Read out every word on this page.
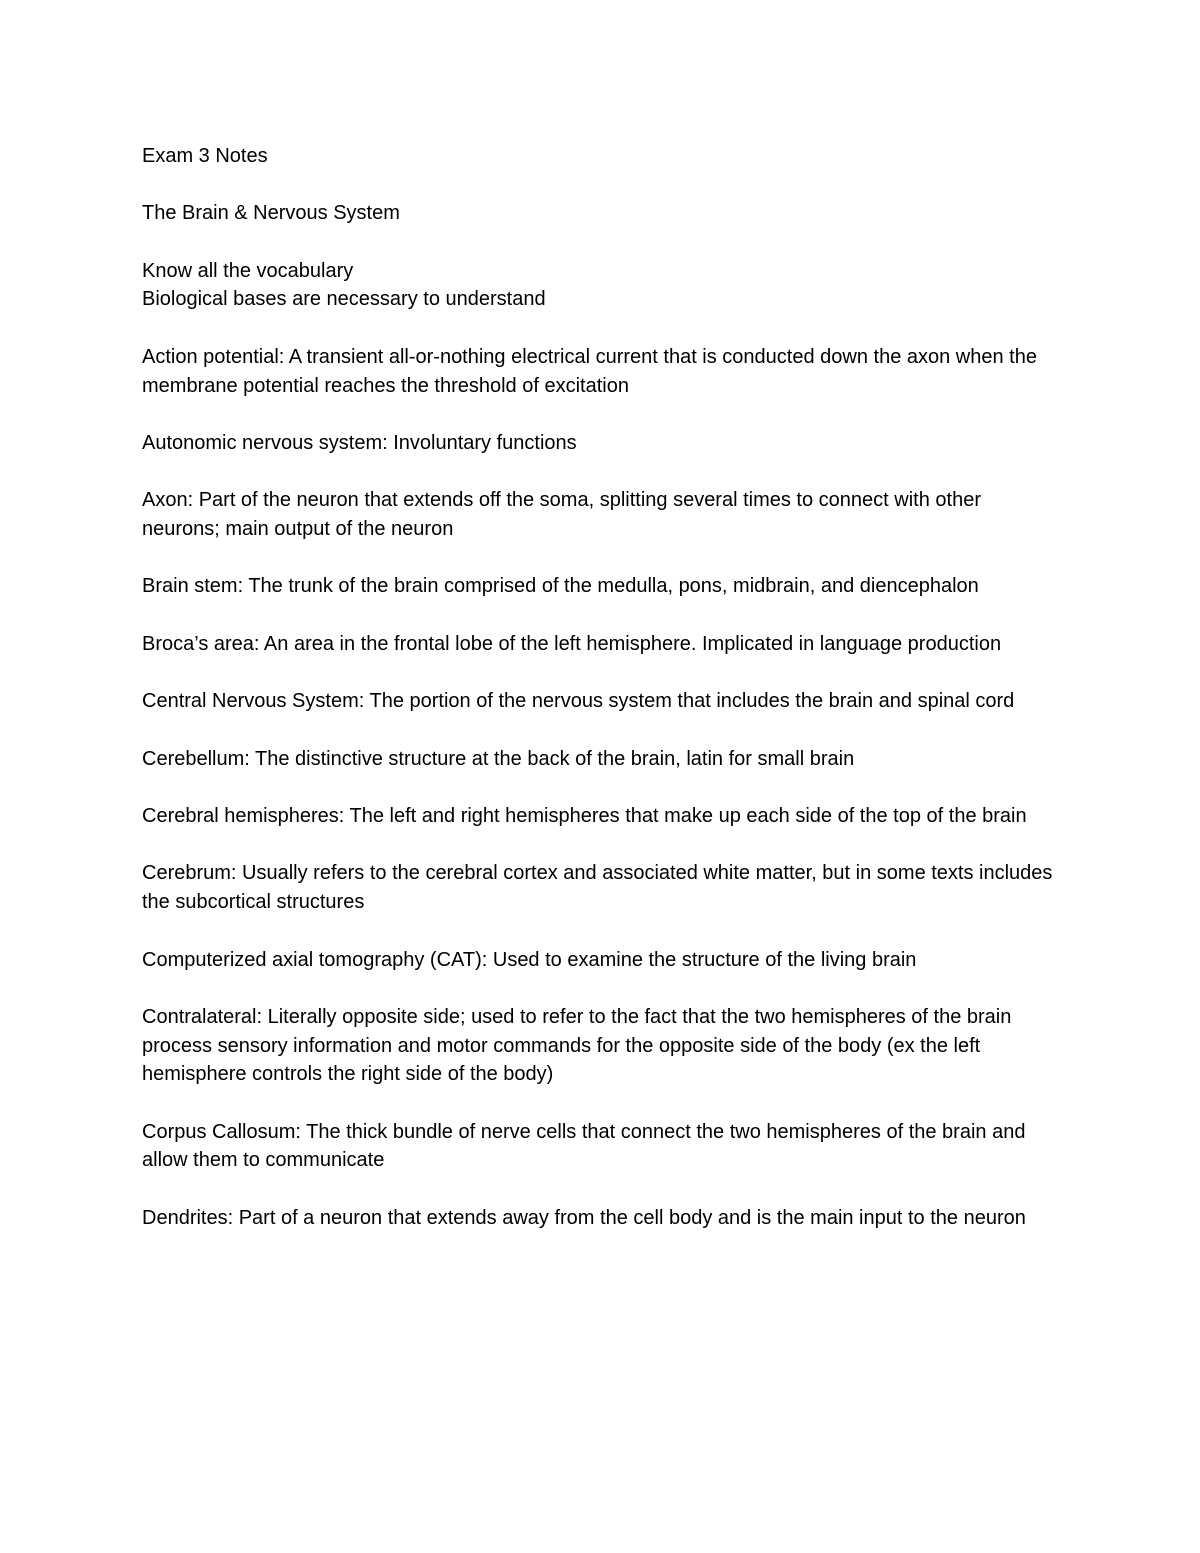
Exam 3 Notes

The Brain & Nervous System

Know all the vocabulary

Biological bases are necessary to understand

Action potential: A transient all-or-nothing electrical current that is conducted down the axon when the membrane potential reaches the threshold of excitation

Autonomic nervous system: Involuntary functions

Axon: Part of the neuron that extends off the soma, splitting several times to connect with other neurons; main output of the neuron

Brain stem: The trunk of the brain comprised of the medulla, pons, midbrain, and diencephalon

Broca’s area: An area in the frontal lobe of the left hemisphere. Implicated in language production

Central Nervous System: The portion of the nervous system that includes the brain and spinal cord

Cerebellum: The distinctive structure at the back of the brain, latin for small brain

Cerebral hemispheres: The left and right hemispheres that make up each side of the top of the brain

Cerebrum: Usually refers to the cerebral cortex and associated white matter, but in some texts includes the subcortical structures

Computerized axial tomography (CAT): Used to examine the structure of the living brain

Contralateral: Literally opposite side; used to refer to the fact that the two hemispheres of the brain process sensory information and motor commands for the opposite side of the body (ex the left hemisphere controls the right side of the body)

Corpus Callosum: The thick bundle of nerve cells that connect the two hemispheres of the brain and allow them to communicate

Dendrites: Part of a neuron that extends away from the cell body and is the main input to the neuron
